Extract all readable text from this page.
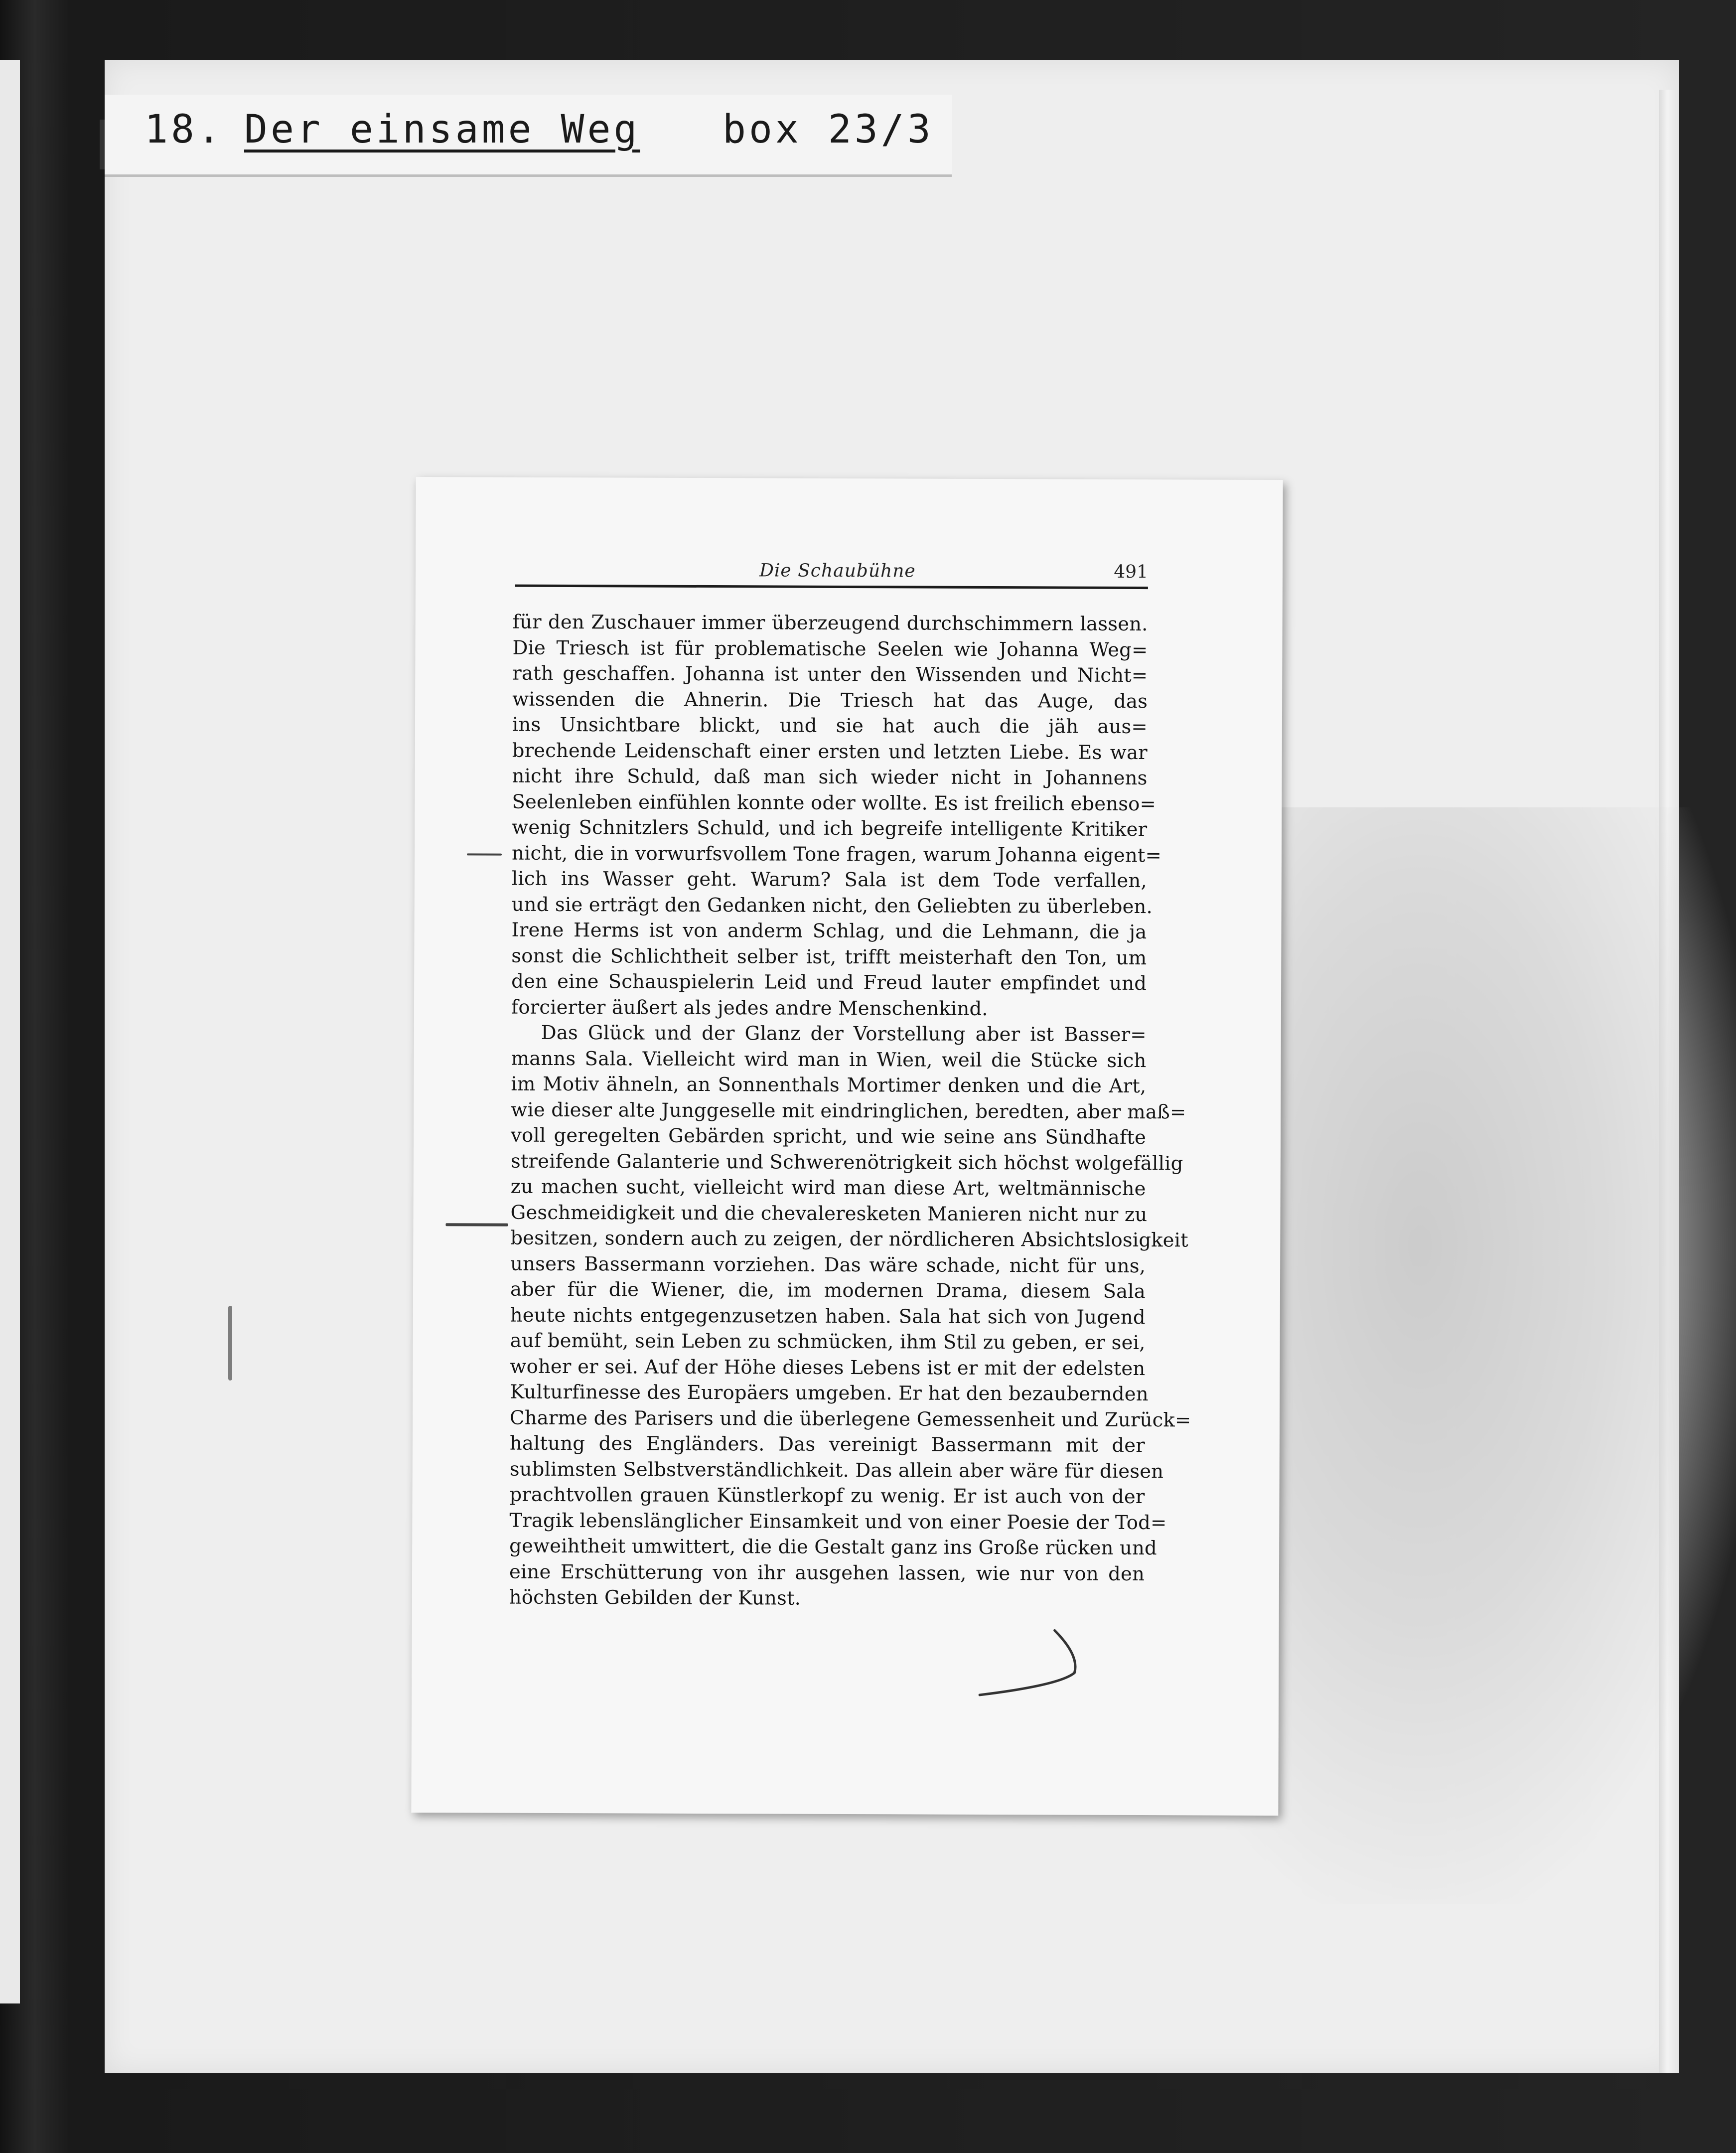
18. Der einsame Weg box 23/3
Die Schaubühne	491
für den Zuschauer immer überzeugend durchschimmern lassen.
Die Triesch ist für problematische Seelen wie Johanna Weg=
rath geschaffen. Johanna ist unter den Wissenden und Nicht=
wissenden die Ahnerin. Die Triesch hat das Auge, das
ins Unsichtbare blickt, und sie hat auch die jäh aus=
brechende Leidenschaft einer ersten und letzten Liebe. Es war
nicht ihre Schuld, daß man sich wieder nicht in Johannens
Seelenleben einfühlen konnte oder wollte. Es ist freilich ebenso=
wenig Schnitzlers Schuld, und ich begreife intelligente Kritiker
nicht, die in vorwurfsvollem Tone fragen, warum Johanna eigent=
lich ins Wasser geht. Warum? Sala ist dem Tode verfallen,
und sie erträgt den Gedanken nicht, den Geliebten zu überleben.
Irene Herms ist von anderm Schlag, und die Lehmann, die ja
sonst die Schlichtheit selber ist, trifft meisterhaft den Ton, um
den eine Schauspielerin Leid und Freud lauter empfindet und
forcierter äußert als jedes andre Menschenkind.
Das Glück und der Glanz der Vorstellung aber ist Basser=
manns Sala. Vielleicht wird man in Wien, weil die Stücke sich
im Motiv ähneln, an Sonnenthals Mortimer denken und die Art,
wie dieser alte Junggeselle mit eindringlichen, beredten, aber maß=
voll geregelten Gebärden spricht, und wie seine ans Sündhafte
streifende Galanterie und Schwerenötrigkeit sich höchst wolgefällig
zu machen sucht, vielleicht wird man diese Art, weltmännische
Geschmeidigkeit und die chevaleresketen Manieren nicht nur zu
besitzen, sondern auch zu zeigen, der nördlicheren Absichtslosigkeit
unsers Bassermann vorziehen. Das wäre schade, nicht für uns,
aber für die Wiener, die, im modernen Drama, diesem Sala
heute nichts entgegenzusetzen haben. Sala hat sich von Jugend
auf bemüht, sein Leben zu schmücken, ihm Stil zu geben, er sei,
woher er sei. Auf der Höhe dieses Lebens ist er mit der edelsten
Kulturfinesse des Europäers umgeben. Er hat den bezaubernden
Charme des Parisers und die überlegene Gemessenheit und Zurück=
haltung des Engländers. Das vereinigt Bassermann mit der
sublimsten Selbstverständlichkeit. Das allein aber wäre für diesen
prachtvollen grauen Künstlerkopf zu wenig. Er ist auch von der
Tragik lebenslänglicher Einsamkeit und von einer Poesie der Tod=
geweihtheit umwittert, die die Gestalt ganz ins Große rücken und
eine Erschütterung von ihr ausgehen lassen, wie nur von den
höchsten Gebilden der Kunst.
